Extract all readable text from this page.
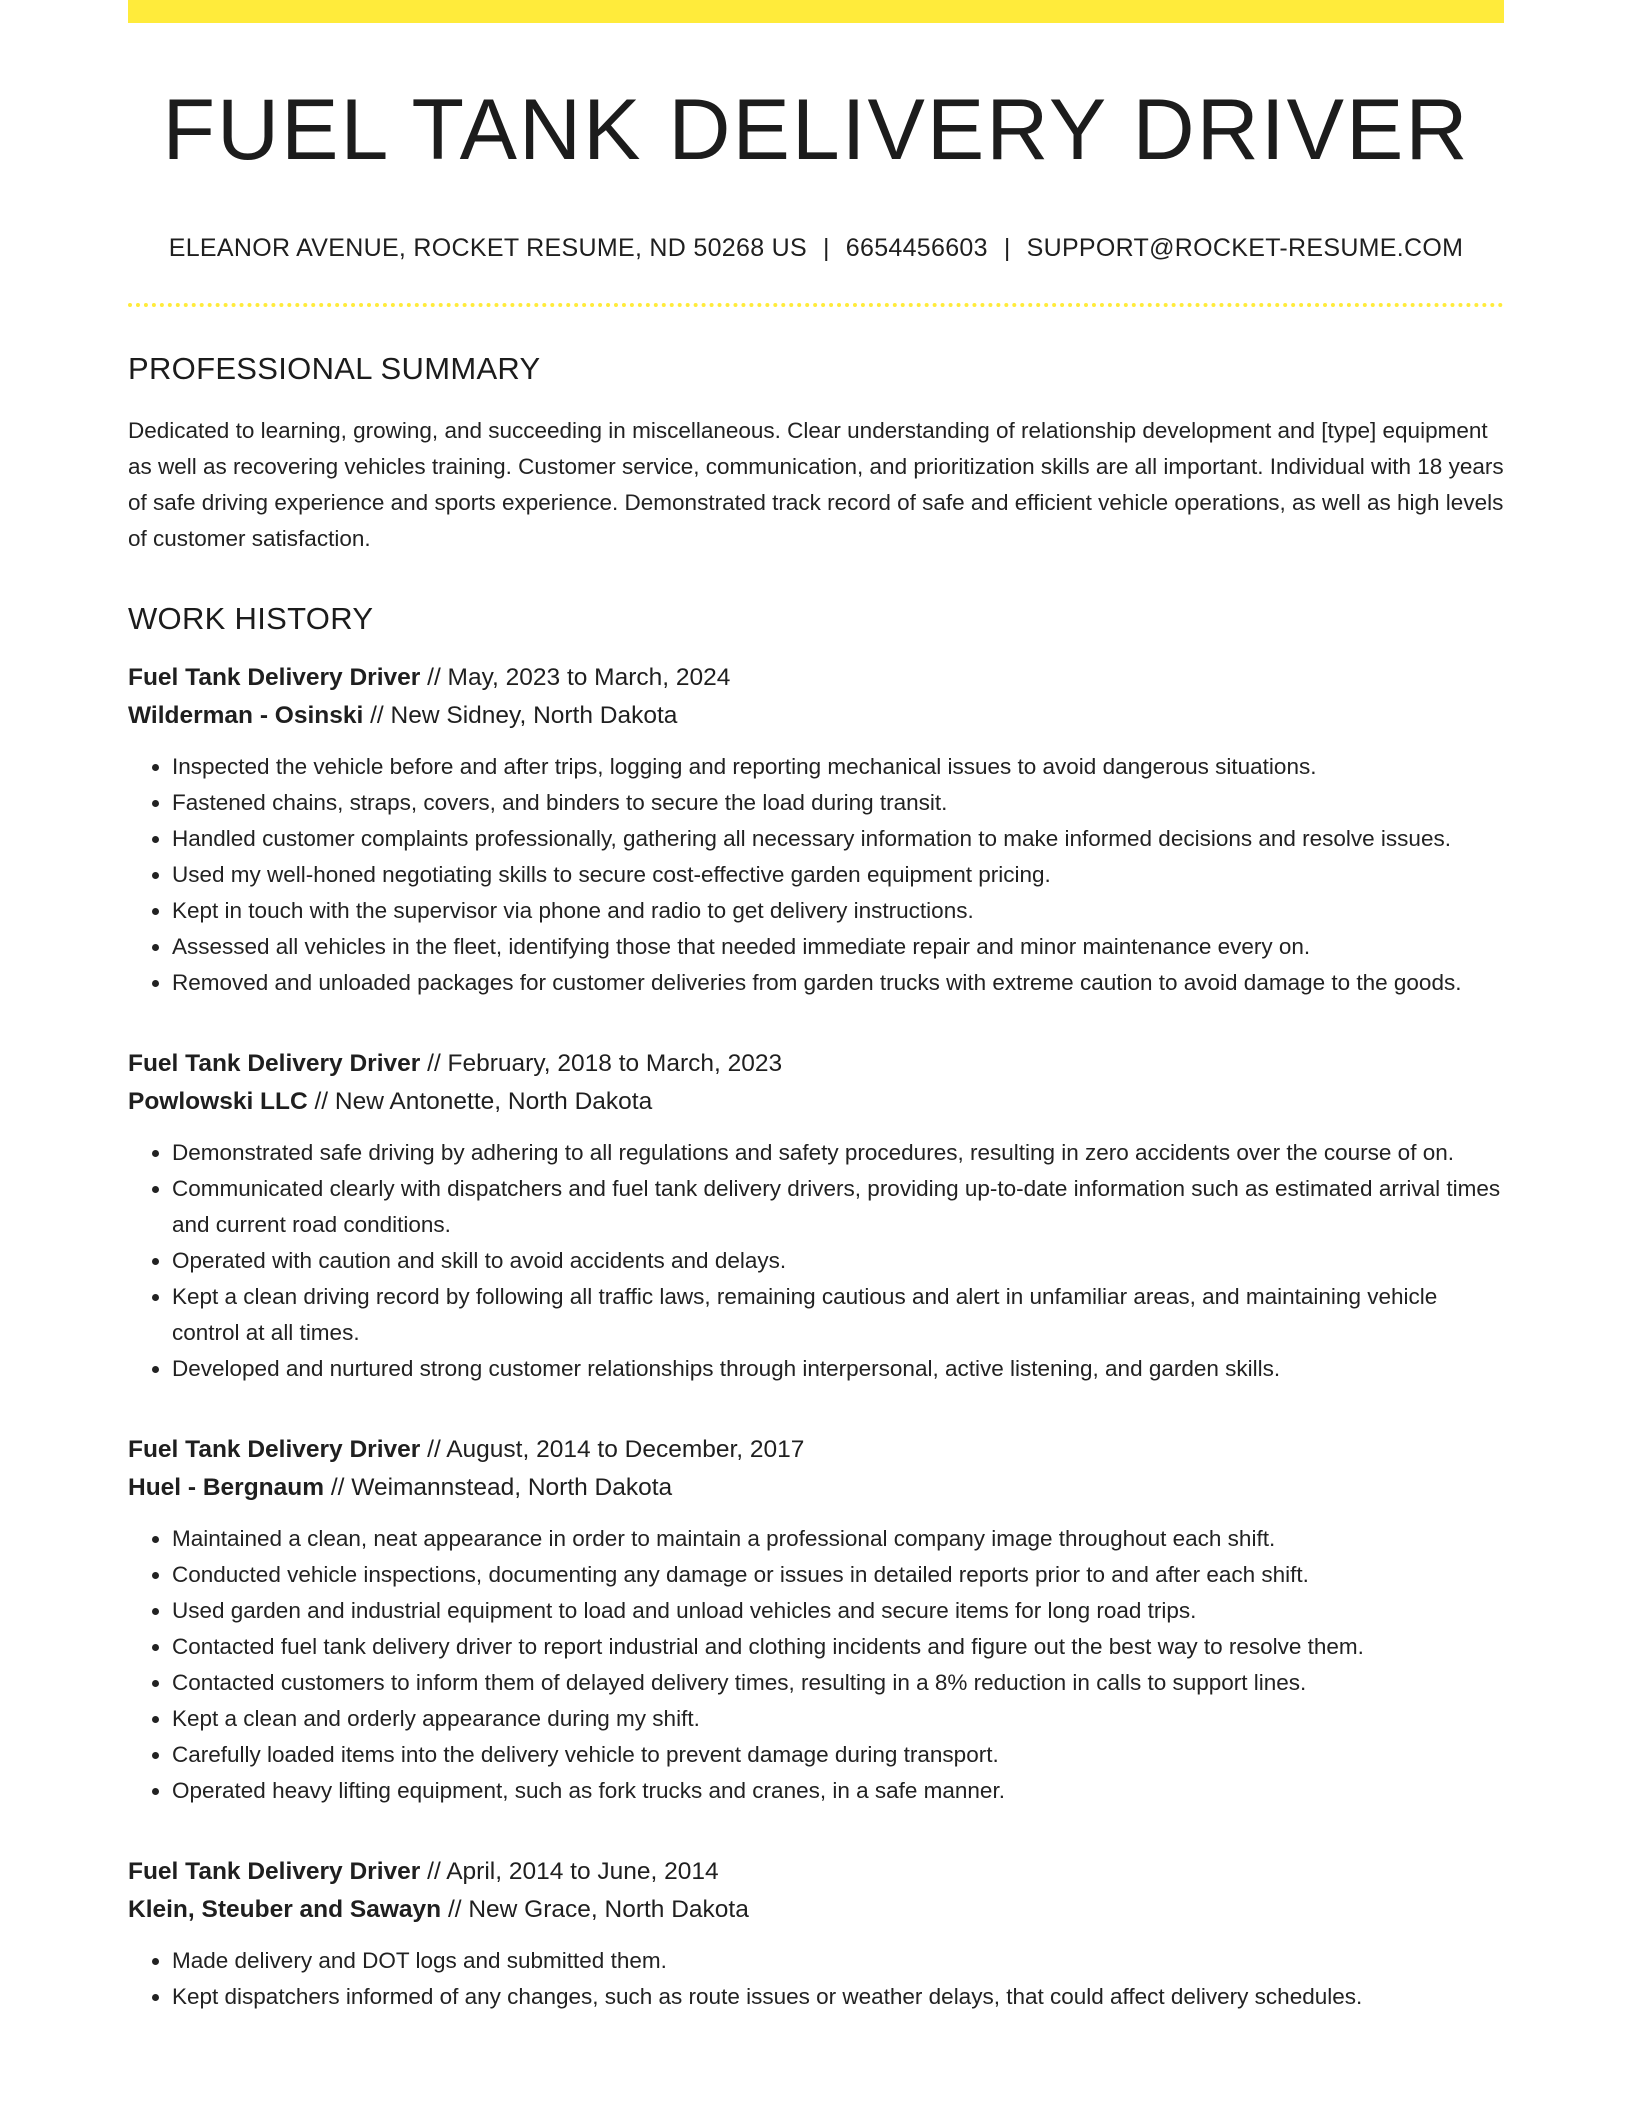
FUEL TANK DELIVERY DRIVER
ELEANOR AVENUE, ROCKET RESUME, ND 50268 US | 6654456603 | SUPPORT@ROCKET-RESUME.COM
PROFESSIONAL SUMMARY
Dedicated to learning, growing, and succeeding in miscellaneous. Clear understanding of relationship development and [type] equipment as well as recovering vehicles training. Customer service, communication, and prioritization skills are all important. Individual with 18 years of safe driving experience and sports experience. Demonstrated track record of safe and efficient vehicle operations, as well as high levels of customer satisfaction.
WORK HISTORY
Fuel Tank Delivery Driver // May, 2023 to March, 2024
Wilderman - Osinski // New Sidney, North Dakota
• Inspected the vehicle before and after trips, logging and reporting mechanical issues to avoid dangerous situations.
• Fastened chains, straps, covers, and binders to secure the load during transit.
• Handled customer complaints professionally, gathering all necessary information to make informed decisions and resolve issues.
• Used my well-honed negotiating skills to secure cost-effective garden equipment pricing.
• Kept in touch with the supervisor via phone and radio to get delivery instructions.
• Assessed all vehicles in the fleet, identifying those that needed immediate repair and minor maintenance every on.
• Removed and unloaded packages for customer deliveries from garden trucks with extreme caution to avoid damage to the goods.
Fuel Tank Delivery Driver // February, 2018 to March, 2023
Powlowski LLC // New Antonette, North Dakota
• Demonstrated safe driving by adhering to all regulations and safety procedures, resulting in zero accidents over the course of on.
• Communicated clearly with dispatchers and fuel tank delivery drivers, providing up-to-date information such as estimated arrival times and current road conditions.
• Operated with caution and skill to avoid accidents and delays.
• Kept a clean driving record by following all traffic laws, remaining cautious and alert in unfamiliar areas, and maintaining vehicle control at all times.
• Developed and nurtured strong customer relationships through interpersonal, active listening, and garden skills.
Fuel Tank Delivery Driver // August, 2014 to December, 2017
Huel - Bergnaum // Weimannstead, North Dakota
• Maintained a clean, neat appearance in order to maintain a professional company image throughout each shift.
• Conducted vehicle inspections, documenting any damage or issues in detailed reports prior to and after each shift.
• Used garden and industrial equipment to load and unload vehicles and secure items for long road trips.
• Contacted fuel tank delivery driver to report industrial and clothing incidents and figure out the best way to resolve them.
• Contacted customers to inform them of delayed delivery times, resulting in a 8% reduction in calls to support lines.
• Kept a clean and orderly appearance during my shift.
• Carefully loaded items into the delivery vehicle to prevent damage during transport.
• Operated heavy lifting equipment, such as fork trucks and cranes, in a safe manner.
Fuel Tank Delivery Driver // April, 2014 to June, 2014
Klein, Steuber and Sawayn // New Grace, North Dakota
• Made delivery and DOT logs and submitted them.
• Kept dispatchers informed of any changes, such as route issues or weather delays, that could affect delivery schedules.
